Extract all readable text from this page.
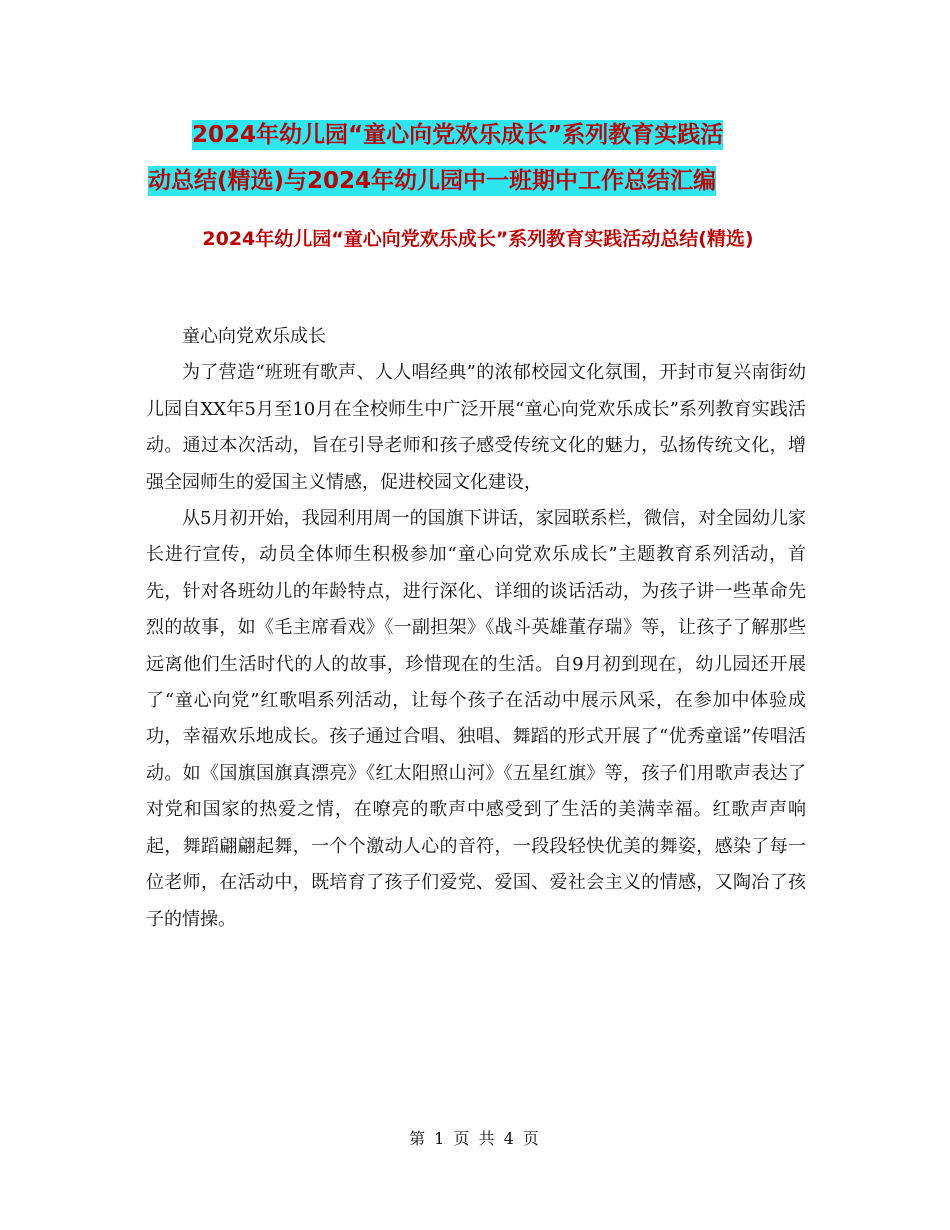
2024年幼儿园“童心向党欢乐成长”系列教育实践活
动总结(精选)与2024年幼儿园中一班期中工作总结汇编
2024年幼儿园“童心向党欢乐成长”系列教育实践活动总结(精选)

童心向党欢乐成长

为了营造“班班有歌声、人人唱经典”的浓郁校园文化氛围，开封市复兴南街幼儿园自XX年5月至10月在全校师生中广泛开展“童心向党欢乐成长”系列教育实践活动。通过本次活动，旨在引导老师和孩子感受传统文化的魅力，弘扬传统文化，增强全园师生的爱国主义情感，促进校园文化建设，

从5月初开始，我园利用周一的国旗下讲话，家园联系栏，微信，对全园幼儿家长进行宣传，动员全体师生积极参加“童心向党欢乐成长”主题教育系列活动，首先，针对各班幼儿的年龄特点，进行深化、详细的谈话活动，为孩子讲一些革命先烈的故事，如《毛主席看戏》《一副担架》《战斗英雄董存瑞》等，让孩子了解那些远离他们生活时代的人的故事，珍惜现在的生活。自9月初到现在，幼儿园还开展了“童心向党”红歌唱系列活动，让每个孩子在活动中展示风采，在参加中体验成功，幸福欢乐地成长。孩子通过合唱、独唱、舞蹈的形式开展了“优秀童谣”传唱活动。如《国旗国旗真漂亮》《红太阳照山河》《五星红旗》等，孩子们用歌声表达了对党和国家的热爱之情，在嘹亮的歌声中感受到了生活的美满幸福。红歌声声响起，舞蹈翩翩起舞，一个个激动人心的音符，一段段轻快优美的舞姿，感染了每一位老师，在活动中，既培育了孩子们爱党、爱国、爱社会主义的情感，又陶冶了孩子的情操。

第 1 页 共 4 页
